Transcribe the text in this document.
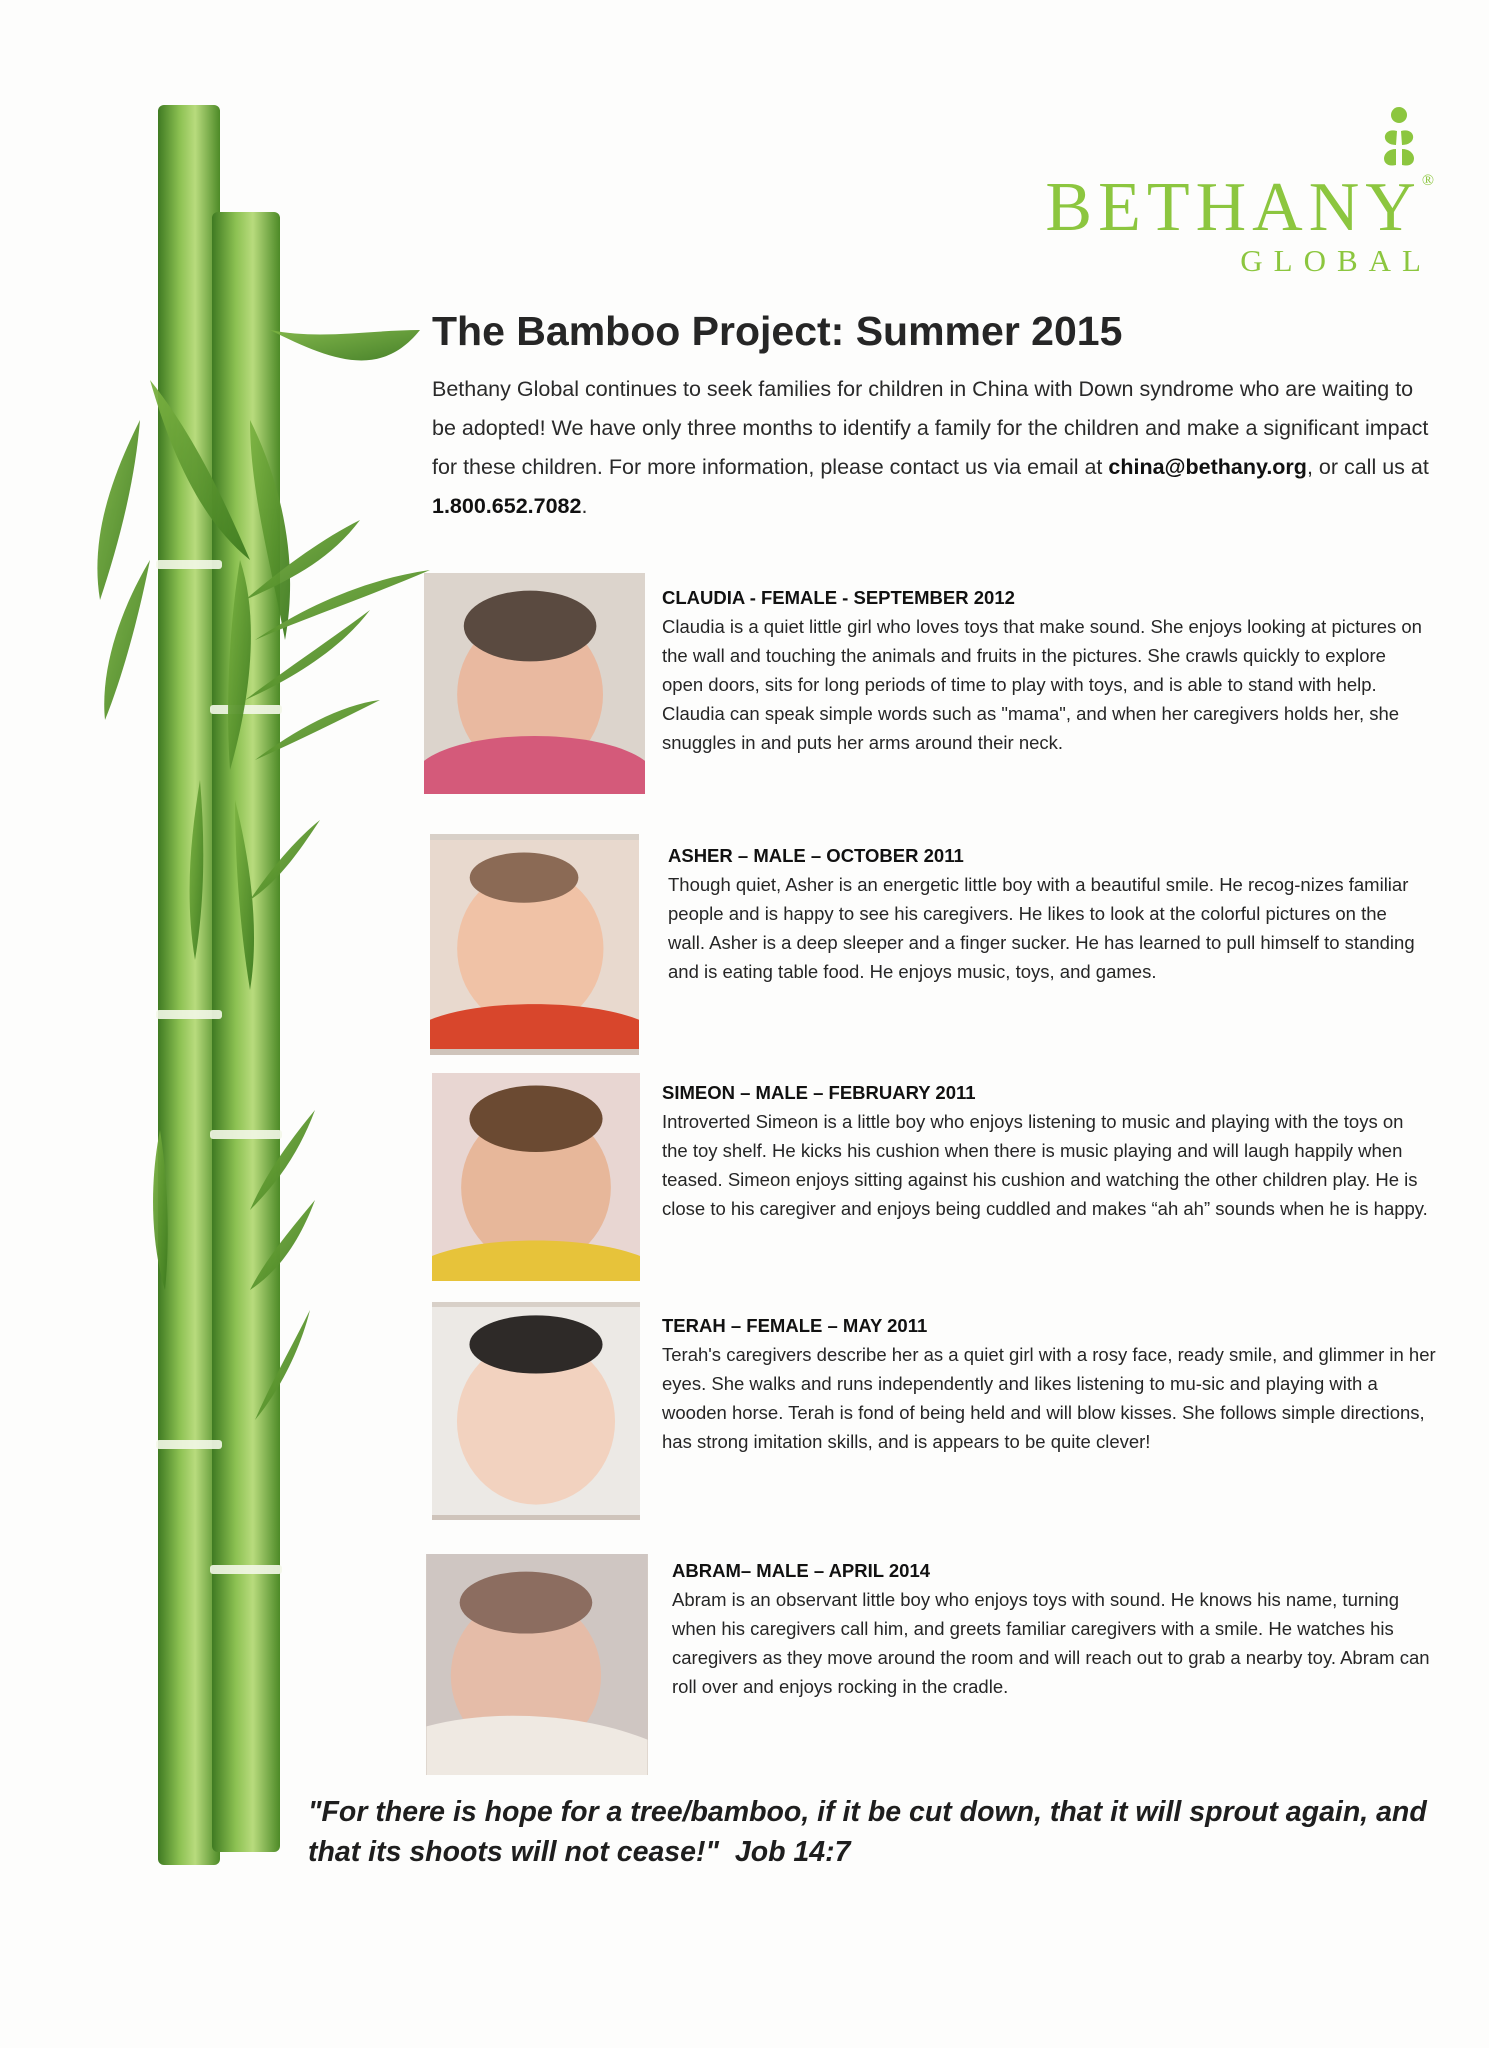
BETHANY®
GLOBAL
The Bamboo Project: Summer 2015

Bethany Global continues to seek families for children in China with Down syndrome who are waiting to be adopted! We have only three months to identify a family for the children and make a significant impact for these children. For more information, please contact us via email at china@bethany.org, or call us at 1.800.652.7082.

CLAUDIA - FEMALE - SEPTEMBER 2012

Claudia is a quiet little girl who loves toys that make sound. She enjoys looking at pictures on the wall and touching the animals and fruits in the pictures. She crawls quickly to explore open doors, sits for long periods of time to play with toys, and is able to stand with help. Claudia can speak simple words such as "mama", and when her caregivers holds her, she snuggles in and puts her arms around their neck.

ASHER – MALE – OCTOBER 2011

Though quiet, Asher is an energetic little boy with a beautiful smile. He recog-nizes familiar people and is happy to see his caregivers. He likes to look at the colorful pictures on the wall. Asher is a deep sleeper and a finger sucker. He has learned to pull himself to standing and is eating table food. He enjoys music, toys, and games.

SIMEON – MALE – FEBRUARY 2011

Introverted Simeon is a little boy who enjoys listening to music and playing with the toys on the toy shelf. He kicks his cushion when there is music playing and will laugh happily when teased. Simeon enjoys sitting against his cushion and watching the other children play. He is close to his caregiver and enjoys being cuddled and makes “ah ah” sounds when he is happy.

TERAH – FEMALE – MAY 2011

Terah's caregivers describe her as a quiet girl with a rosy face, ready smile, and glimmer in her eyes. She walks and runs independently and likes listening to mu-sic and playing with a wooden horse. Terah is fond of being held and will blow kisses. She follows simple directions, has strong imitation skills, and is appears to be quite clever!

ABRAM– MALE – APRIL 2014

Abram is an observant little boy who enjoys toys with sound. He knows his name, turning when his caregivers call him, and greets familiar caregivers with a smile. He watches his caregivers as they move around the room and will reach out to grab a nearby toy. Abram can roll over and enjoys rocking in the cradle.

"For there is hope for a tree/bamboo, if it be cut down, that it will sprout again, and that its shoots will not cease!" Job 14:7
